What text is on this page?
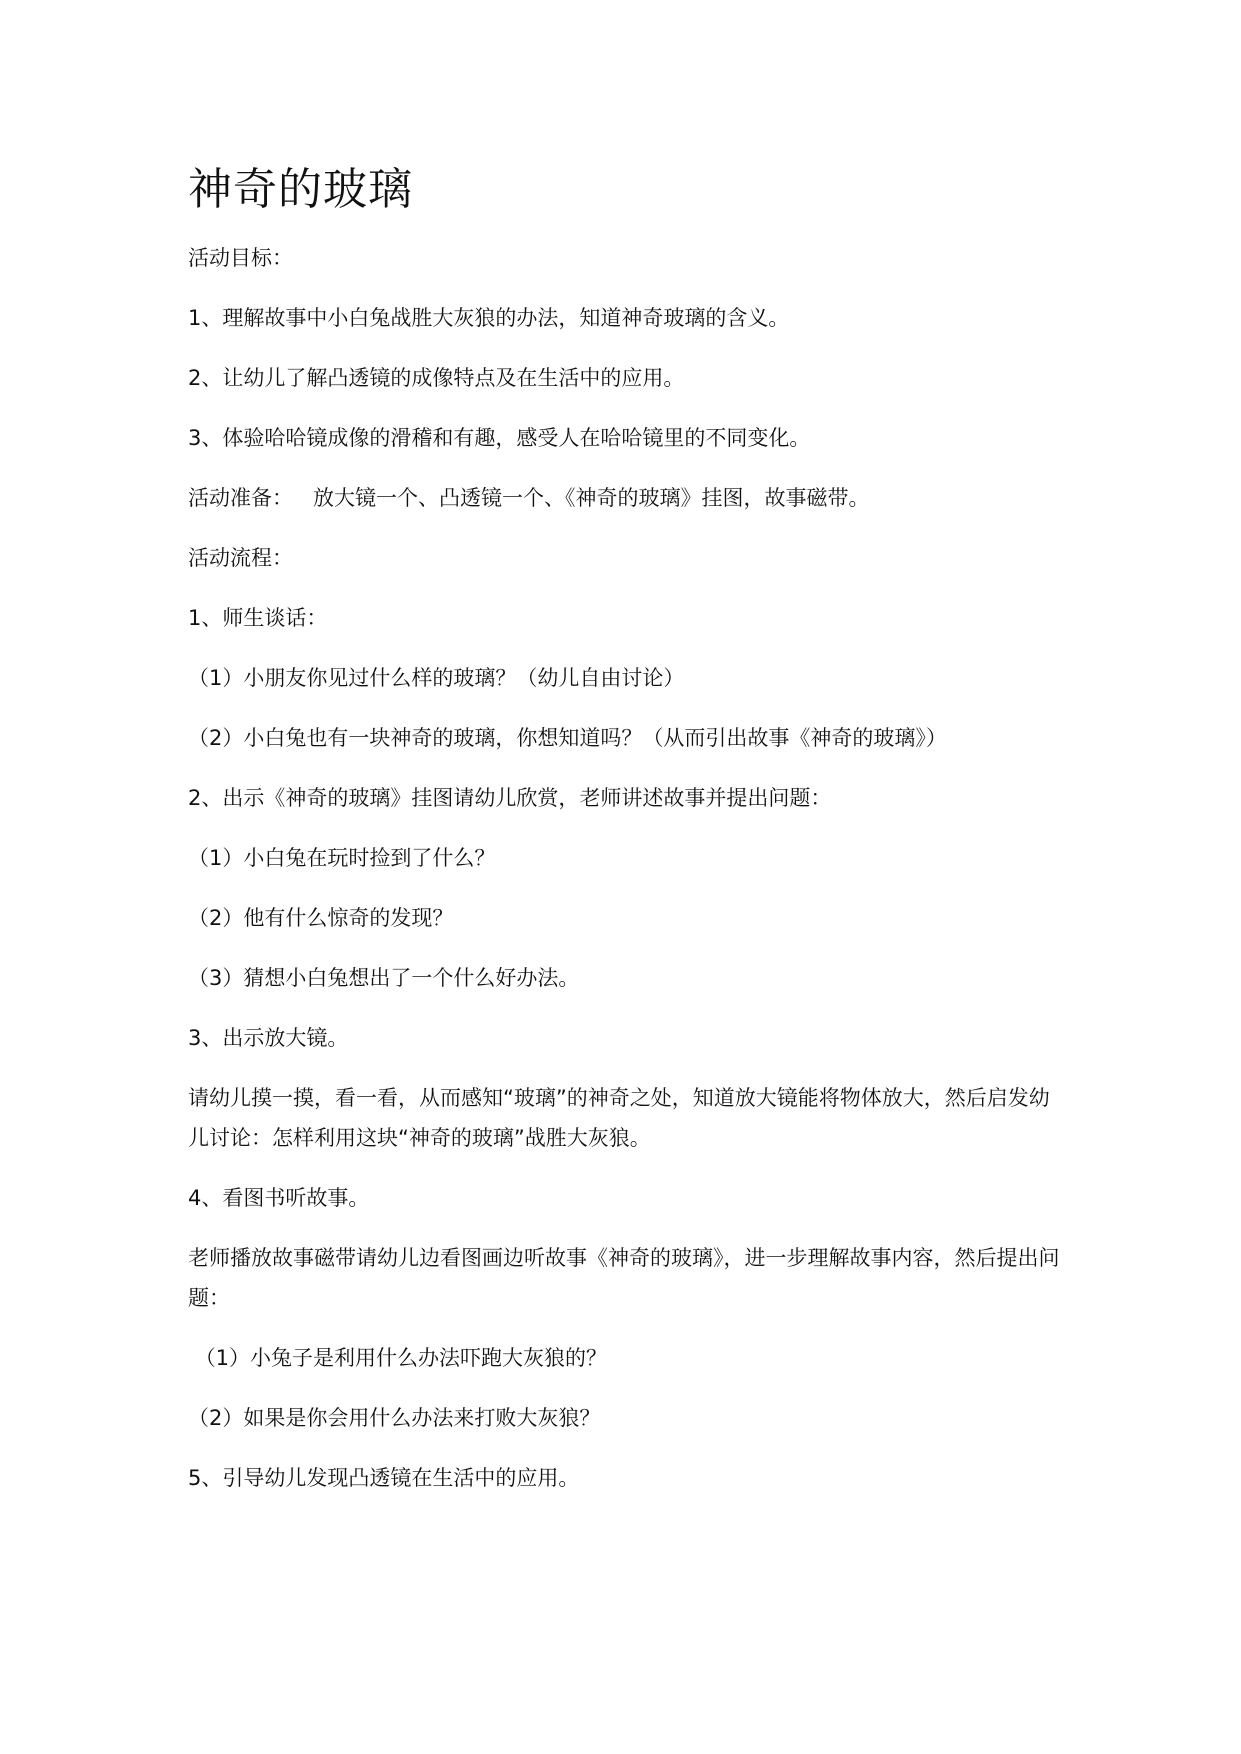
神奇的玻璃

活动目标：

1、理解故事中小白兔战胜大灰狼的办法，知道神奇玻璃的含义。

2、让幼儿了解凸透镜的成像特点及在生活中的应用。

3、体验哈哈镜成像的滑稽和有趣，感受人在哈哈镜里的不同变化。

活动准备：   放大镜一个、凸透镜一个、《神奇的玻璃》挂图，故事磁带。

活动流程：

1、师生谈话：

（1）小朋友你见过什么样的玻璃？（幼儿自由讨论）

（2）小白兔也有一块神奇的玻璃，你想知道吗？（从而引出故事《神奇的玻璃》）

2、出示《神奇的玻璃》挂图请幼儿欣赏，老师讲述故事并提出问题：

（1）小白兔在玩时捡到了什么？

（2）他有什么惊奇的发现？

（3）猜想小白兔想出了一个什么好办法。

3、出示放大镜。

请幼儿摸一摸，看一看，从而感知“玻璃”的神奇之处，知道放大镜能将物体放大，然后启发幼儿讨论：怎样利用这块“神奇的玻璃”战胜大灰狼。

4、看图书听故事。

老师播放故事磁带请幼儿边看图画边听故事《神奇的玻璃》，进一步理解故事内容，然后提出问题：

（1）小兔子是利用什么办法吓跑大灰狼的？

（2）如果是你会用什么办法来打败大灰狼？

5、引导幼儿发现凸透镜在生活中的应用。
